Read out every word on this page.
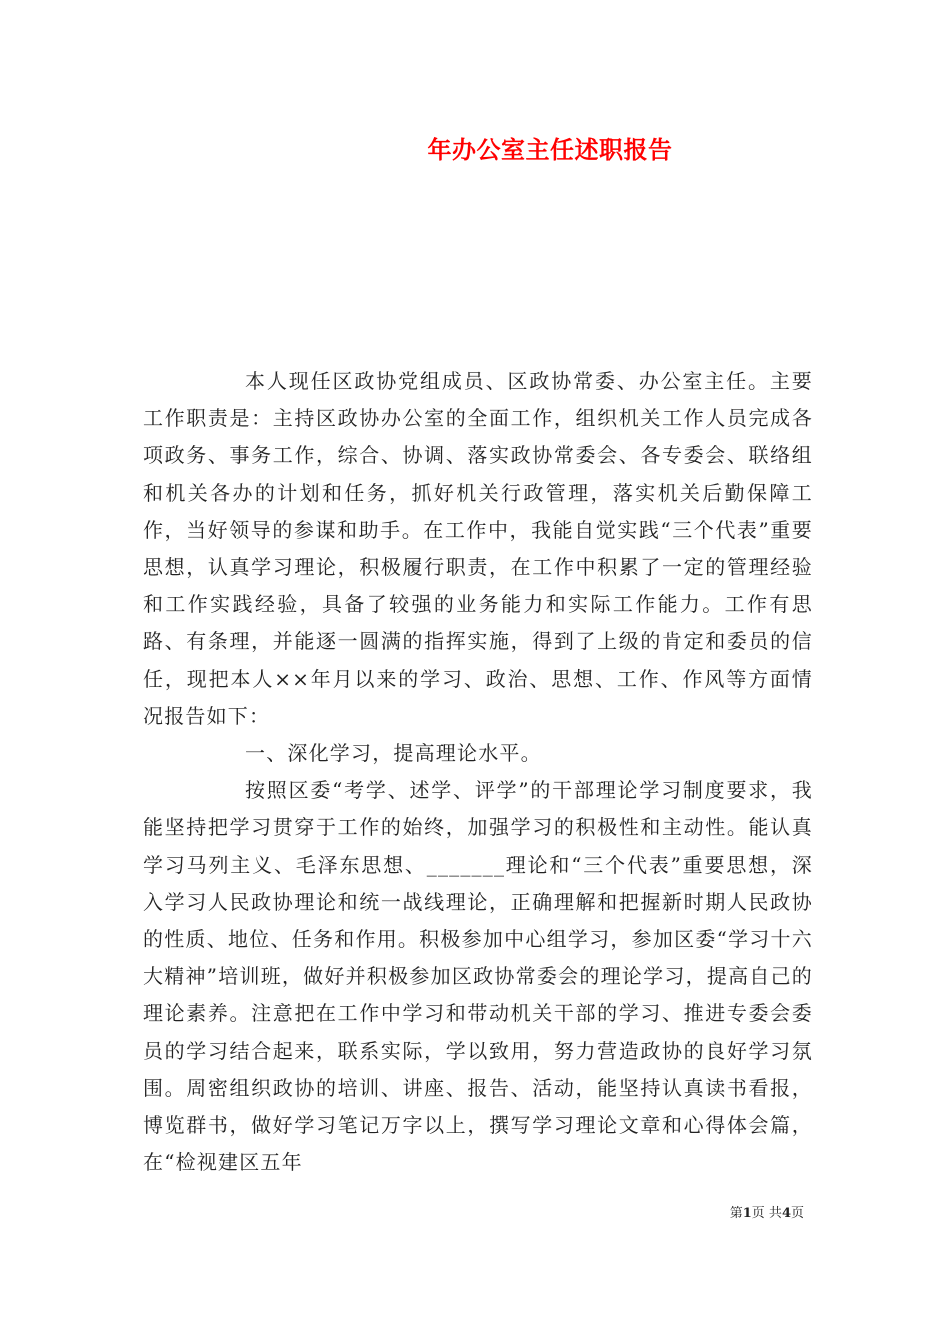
年办公室主任述职报告

本人现任区政协党组成员、区政协常委、办公室主任。主要工作职责是：主持区政协办公室的全面工作，组织机关工作人员完成各项政务、事务工作，综合、协调、落实政协常委会、各专委会、联络组和机关各办的计划和任务，抓好机关行政管理，落实机关后勤保障工作，当好领导的参谋和助手。在工作中，我能自觉实践“三个代表”重要思想，认真学习理论，积极履行职责，在工作中积累了一定的管理经验和工作实践经验，具备了较强的业务能力和实际工作能力。工作有思路、有条理，并能逐一圆满的指挥实施，得到了上级的肯定和委员的信任，现把本人××年月以来的学习、政治、思想、工作、作风等方面情况报告如下：

一、深化学习，提高理论水平。

按照区委“考学、述学、评学”的干部理论学习制度要求，我能坚持把学习贯穿于工作的始终，加强学习的积极性和主动性。能认真学习马列主义、毛泽东思想、_______理论和“三个代表”重要思想，深入学习人民政协理论和统一战线理论，正确理解和把握新时期人民政协的性质、地位、任务和作用。积极参加中心组学习，参加区委“学习十六大精神”培训班，做好并积极参加区政协常委会的理论学习，提高自己的理论素养。注意把在工作中学习和带动机关干部的学习、推进专委会委员的学习结合起来，联系实际，学以致用，努力营造政协的良好学习氛围。周密组织政协的培训、讲座、报告、活动，能坚持认真读书看报，博览群书，做好学习笔记万字以上，撰写学习理论文章和心得体会篇，在“检视建区五年

第1页 共4页
